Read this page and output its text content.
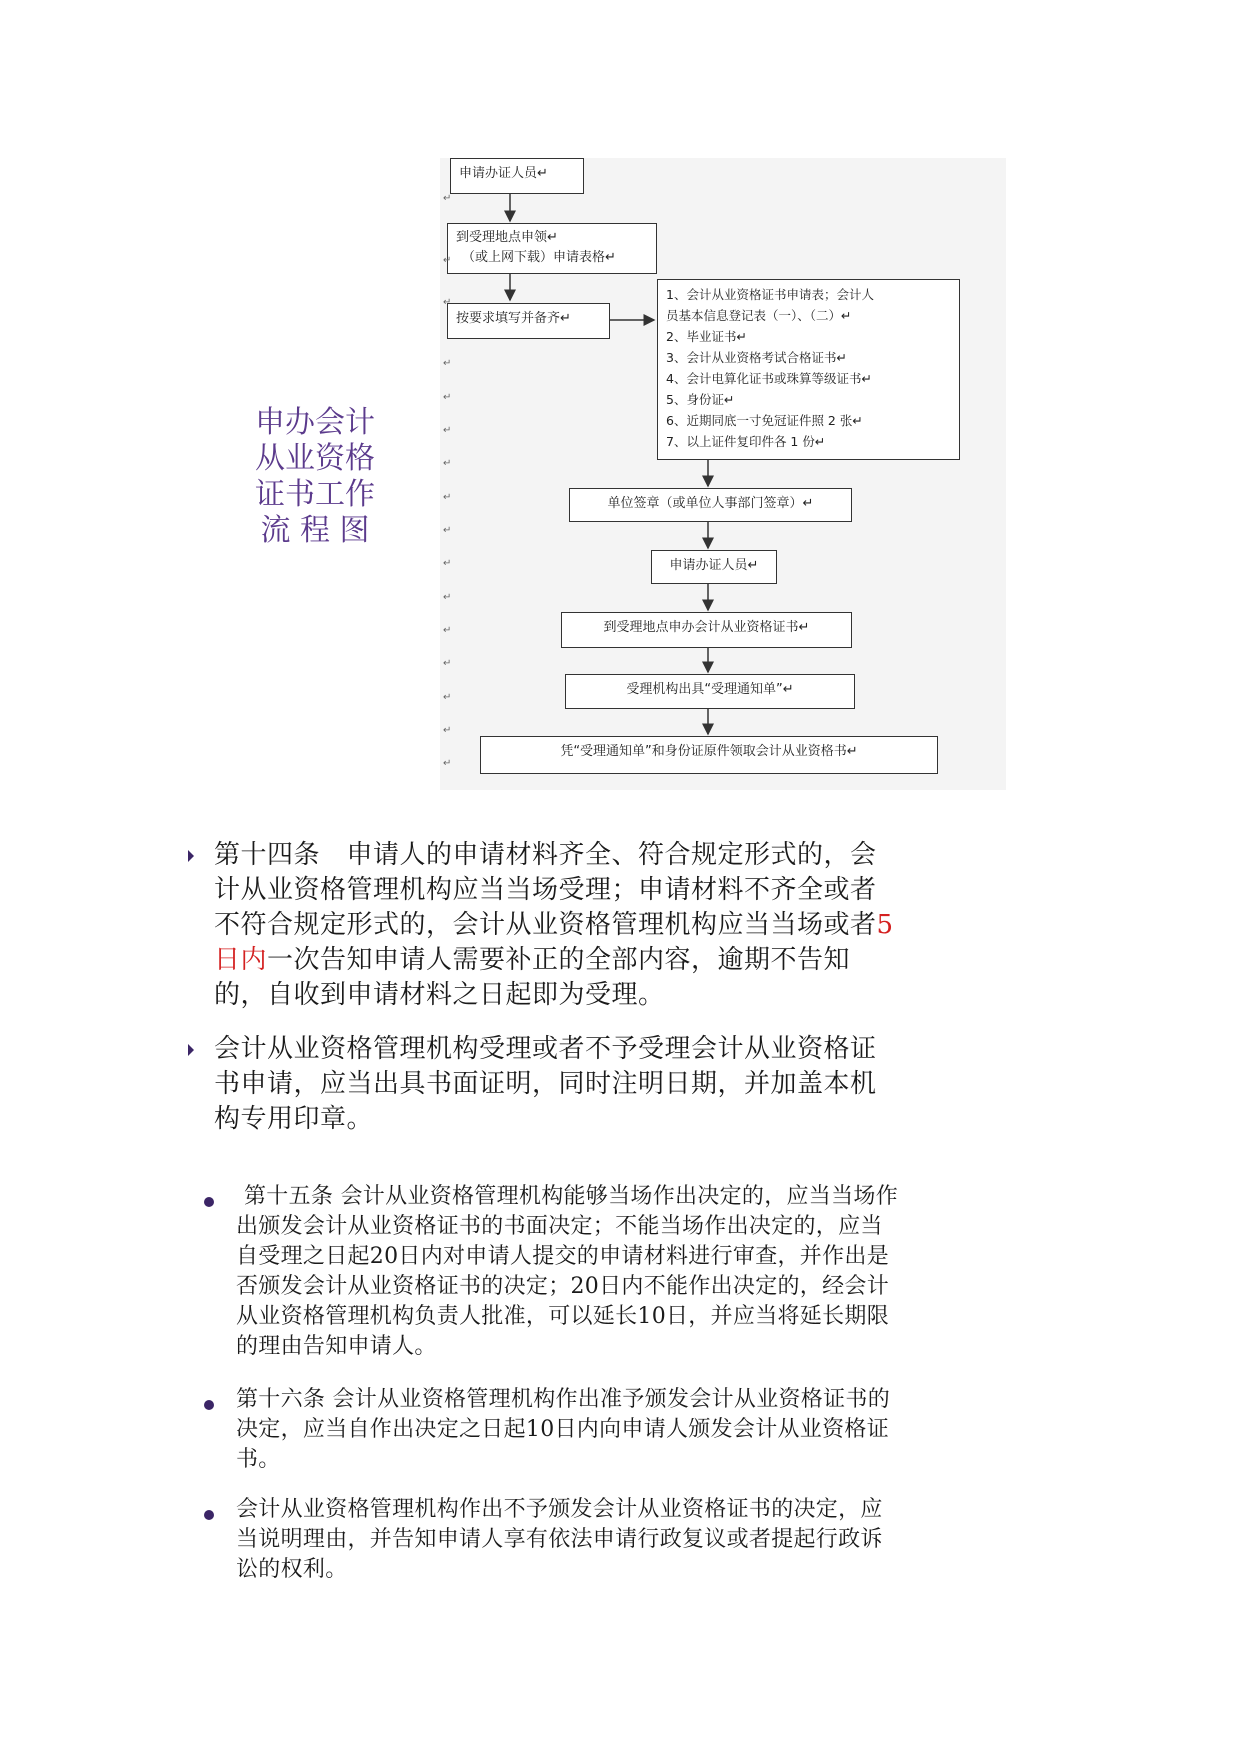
申办会计
从业资格
证书工作
流 程 图
申请办证人员↵
到受理地点申领↵
（或上网下载）申请表格↵
按要求填写并备齐↵
1、会计从业资格证书申请表；会计人
员基本信息登记表（一）、（二）↵
2、毕业证书↵
3、会计从业资格考试合格证书↵
4、会计电算化证书或珠算等级证书↵
5、身份证↵
6、近期同底一寸免冠证件照 2 张↵
7、以上证件复印件各 1 份↵
单位签章（或单位人事部门签章）↵
申请办证人员↵
到受理地点申办会计从业资格证书↵
受理机构出具“受理通知单”↵
凭“受理通知单”和身份证原件领取会计从业资格书↵
↵
↵
↵
↵
↵
↵
↵
↵
↵
↵
↵
↵
↵
↵
↵
↵
第十四条　申请人的申请材料齐全、符合规定形式的，会
计从业资格管理机构应当当场受理；申请材料不齐全或者
不符合规定形式的，会计从业资格管理机构应当当场或者5
日内一次告知申请人需要补正的全部内容，逾期不告知
的，自收到申请材料之日起即为受理。
会计从业资格管理机构受理或者不予受理会计从业资格证
书申请，应当出具书面证明，同时注明日期，并加盖本机
构专用印章。
第十五条 会计从业资格管理机构能够当场作出决定的，应当当场作
出颁发会计从业资格证书的书面决定；不能当场作出决定的，应当
自受理之日起20日内对申请人提交的申请材料进行审查，并作出是
否颁发会计从业资格证书的决定；20日内不能作出决定的，经会计
从业资格管理机构负责人批准，可以延长10日，并应当将延长期限
的理由告知申请人。
第十六条 会计从业资格管理机构作出准予颁发会计从业资格证书的
决定，应当自作出决定之日起10日内向申请人颁发会计从业资格证
书。
会计从业资格管理机构作出不予颁发会计从业资格证书的决定，应
当说明理由，并告知申请人享有依法申请行政复议或者提起行政诉
讼的权利。
